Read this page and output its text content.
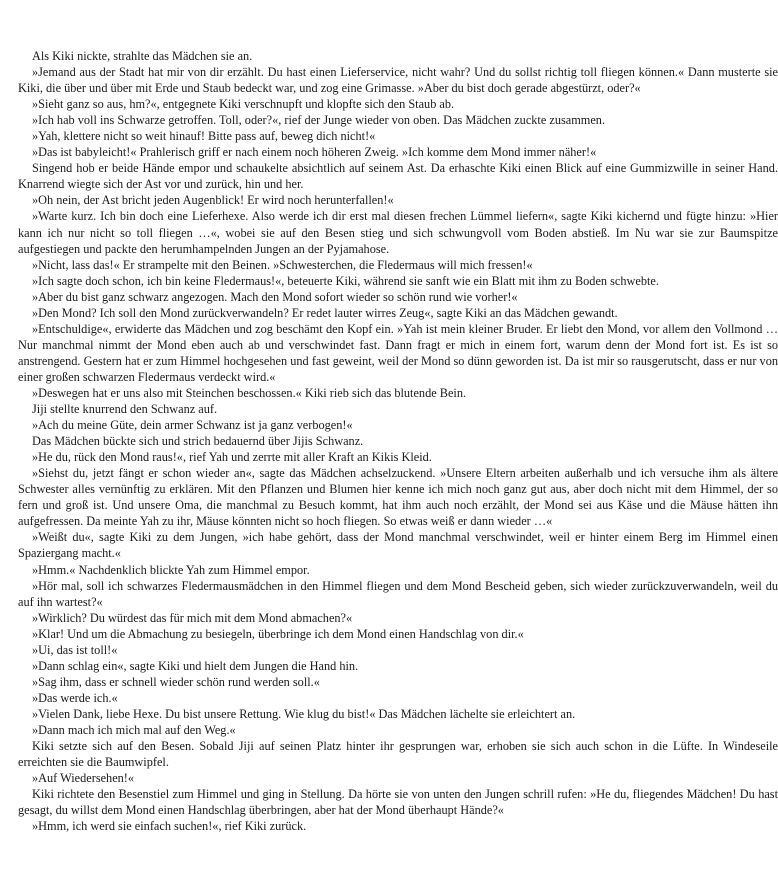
Als Kiki nickte, strahlte das Mädchen sie an.

»Jemand aus der Stadt hat mir von dir erzählt. Du hast einen Lieferservice, nicht wahr? Und du sollst richtig toll fliegen können.« Dann musterte sie Kiki, die über und über mit Erde und Staub bedeckt war, und zog eine Grimasse. »Aber du bist doch gerade abgestürzt, oder?«

»Sieht ganz so aus, hm?«, entgegnete Kiki verschnupft und klopfte sich den Staub ab.

»Ich hab voll ins Schwarze getroffen. Toll, oder?«, rief der Junge wieder von oben. Das Mädchen zuckte zusammen.

»Yah, klettere nicht so weit hinauf! Bitte pass auf, beweg dich nicht!«

»Das ist babyleicht!« Prahlerisch griff er nach einem noch höheren Zweig. »Ich komme dem Mond immer näher!«

Singend hob er beide Hände empor und schaukelte absichtlich auf seinem Ast. Da erhaschte Kiki einen Blick auf eine Gummizwille in seiner Hand. Knarrend wiegte sich der Ast vor und zurück, hin und her.

»Oh nein, der Ast bricht jeden Augenblick! Er wird noch herunterfallen!«

»Warte kurz. Ich bin doch eine Lieferhexe. Also werde ich dir erst mal diesen frechen Lümmel liefern«, sagte Kiki kichernd und fügte hinzu: »Hier kann ich nur nicht so toll fliegen …«, wobei sie auf den Besen stieg und sich schwungvoll vom Boden abstieß. Im Nu war sie zur Baumspitze aufgestiegen und packte den herumhampelnden Jungen an der Pyjamahose.

»Nicht, lass das!« Er strampelte mit den Beinen. »Schwesterchen, die Fledermaus will mich fressen!«

»Ich sagte doch schon, ich bin keine Fledermaus!«, beteuerte Kiki, während sie sanft wie ein Blatt mit ihm zu Boden schwebte.

»Aber du bist ganz schwarz angezogen. Mach den Mond sofort wieder so schön rund wie vorher!«

»Den Mond? Ich soll den Mond zurückverwandeln? Er redet lauter wirres Zeug«, sagte Kiki an das Mädchen gewandt.

»Entschuldige«, erwiderte das Mädchen und zog beschämt den Kopf ein. »Yah ist mein kleiner Bruder. Er liebt den Mond, vor allem den Vollmond … Nur manchmal nimmt der Mond eben auch ab und verschwindet fast. Dann fragt er mich in einem fort, warum denn der Mond fort ist. Es ist so anstrengend. Gestern hat er zum Himmel hochgesehen und fast geweint, weil der Mond so dünn geworden ist. Da ist mir so rausgerutscht, dass er nur von einer großen schwarzen Fledermaus verdeckt wird.«

»Deswegen hat er uns also mit Steinchen beschossen.« Kiki rieb sich das blutende Bein.

Jiji stellte knurrend den Schwanz auf.

»Ach du meine Güte, dein armer Schwanz ist ja ganz verbogen!«

Das Mädchen bückte sich und strich bedauernd über Jijis Schwanz.

»He du, rück den Mond raus!«, rief Yah und zerrte mit aller Kraft an Kikis Kleid.

»Siehst du, jetzt fängt er schon wieder an«, sagte das Mädchen achselzuckend. »Unsere Eltern arbeiten außerhalb und ich versuche ihm als ältere Schwester alles vernünftig zu erklären. Mit den Pflanzen und Blumen hier kenne ich mich noch ganz gut aus, aber doch nicht mit dem Himmel, der so fern und groß ist. Und unsere Oma, die manchmal zu Besuch kommt, hat ihm auch noch erzählt, der Mond sei aus Käse und die Mäuse hätten ihn aufgefressen. Da meinte Yah zu ihr, Mäuse könnten nicht so hoch fliegen. So etwas weiß er dann wieder …«

»Weißt du«, sagte Kiki zu dem Jungen, »ich habe gehört, dass der Mond manchmal verschwindet, weil er hinter einem Berg im Himmel einen Spaziergang macht.«

»Hmm.« Nachdenklich blickte Yah zum Himmel empor.

»Hör mal, soll ich schwarzes Fledermausmädchen in den Himmel fliegen und dem Mond Bescheid geben, sich wieder zurückzuverwandeln, weil du auf ihn wartest?«

»Wirklich? Du würdest das für mich mit dem Mond abmachen?«

»Klar! Und um die Abmachung zu besiegeln, überbringe ich dem Mond einen Handschlag von dir.«

»Ui, das ist toll!«

»Dann schlag ein«, sagte Kiki und hielt dem Jungen die Hand hin.

»Sag ihm, dass er schnell wieder schön rund werden soll.«

»Das werde ich.«

»Vielen Dank, liebe Hexe. Du bist unsere Rettung. Wie klug du bist!« Das Mädchen lächelte sie erleichtert an.

»Dann mach ich mich mal auf den Weg.«

Kiki setzte sich auf den Besen. Sobald Jiji auf seinen Platz hinter ihr gesprungen war, erhoben sie sich auch schon in die Lüfte. In Windeseile erreichten sie die Baumwipfel.

»Auf Wiedersehen!«

Kiki richtete den Besenstiel zum Himmel und ging in Stellung. Da hörte sie von unten den Jungen schrill rufen: »He du, fliegendes Mädchen! Du hast gesagt, du willst dem Mond einen Handschlag überbringen, aber hat der Mond überhaupt Hände?«

»Hmm, ich werd sie einfach suchen!«, rief Kiki zurück.
